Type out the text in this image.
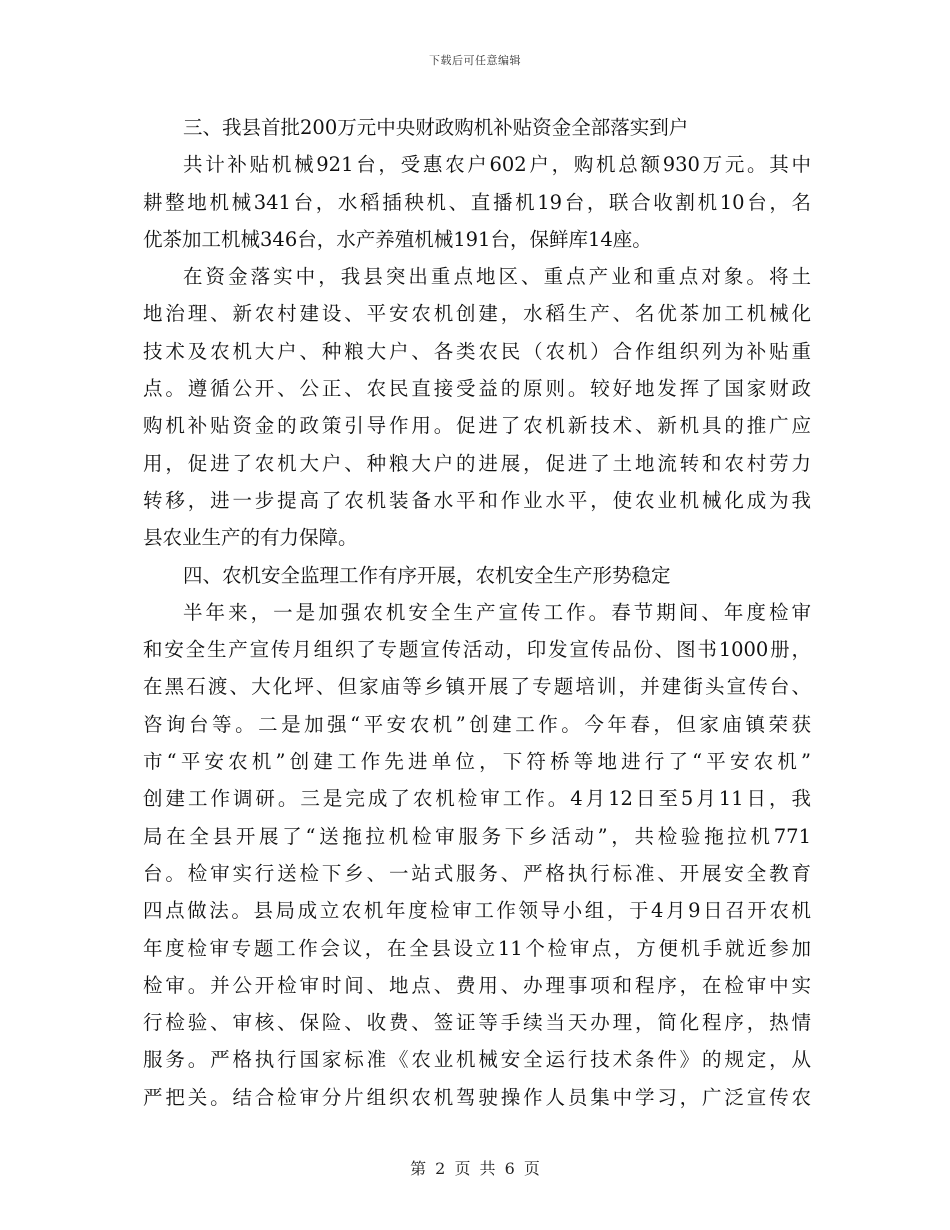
下载后可任意编辑
三、我县首批200万元中央财政购机补贴资金全部落实到户
共计补贴机械921台，受惠农户602户，购机总额930万元。其中
耕整地机械341台，水稻插秧机、直播机19台，联合收割机10台，名
优茶加工机械346台，水产养殖机械191台，保鲜库14座。
在资金落实中，我县突出重点地区、重点产业和重点对象。将土
地治理、新农村建设、平安农机创建，水稻生产、名优茶加工机械化
技术及农机大户、种粮大户、各类农民（农机）合作组织列为补贴重
点。遵循公开、公正、农民直接受益的原则。较好地发挥了国家财政
购机补贴资金的政策引导作用。促进了农机新技术、新机具的推广应
用，促进了农机大户、种粮大户的进展，促进了土地流转和农村劳力
转移，进一步提高了农机装备水平和作业水平，使农业机械化成为我
县农业生产的有力保障。
四、农机安全监理工作有序开展，农机安全生产形势稳定
半年来，一是加强农机安全生产宣传工作。春节期间、年度检审
和安全生产宣传月组织了专题宣传活动，印发宣传品份、图书1000册，
在黑石渡、大化坪、但家庙等乡镇开展了专题培训，并建街头宣传台、
咨询台等。二是加强“平安农机”创建工作。今年春，但家庙镇荣获
市“平安农机”创建工作先进单位，下符桥等地进行了“平安农机”
创建工作调研。三是完成了农机检审工作。4月12日至5月11日，我
局在全县开展了“送拖拉机检审服务下乡活动”，共检验拖拉机771
台。检审实行送检下乡、一站式服务、严格执行标准、开展安全教育
四点做法。县局成立农机年度检审工作领导小组，于4月9日召开农机
年度检审专题工作会议，在全县设立11个检审点，方便机手就近参加
检审。并公开检审时间、地点、费用、办理事项和程序，在检审中实
行检验、审核、保险、收费、签证等手续当天办理，简化程序，热情
服务。严格执行国家标准《农业机械安全运行技术条件》的规定，从
严把关。结合检审分片组织农机驾驶操作人员集中学习，广泛宣传农
第 2 页 共 6 页
